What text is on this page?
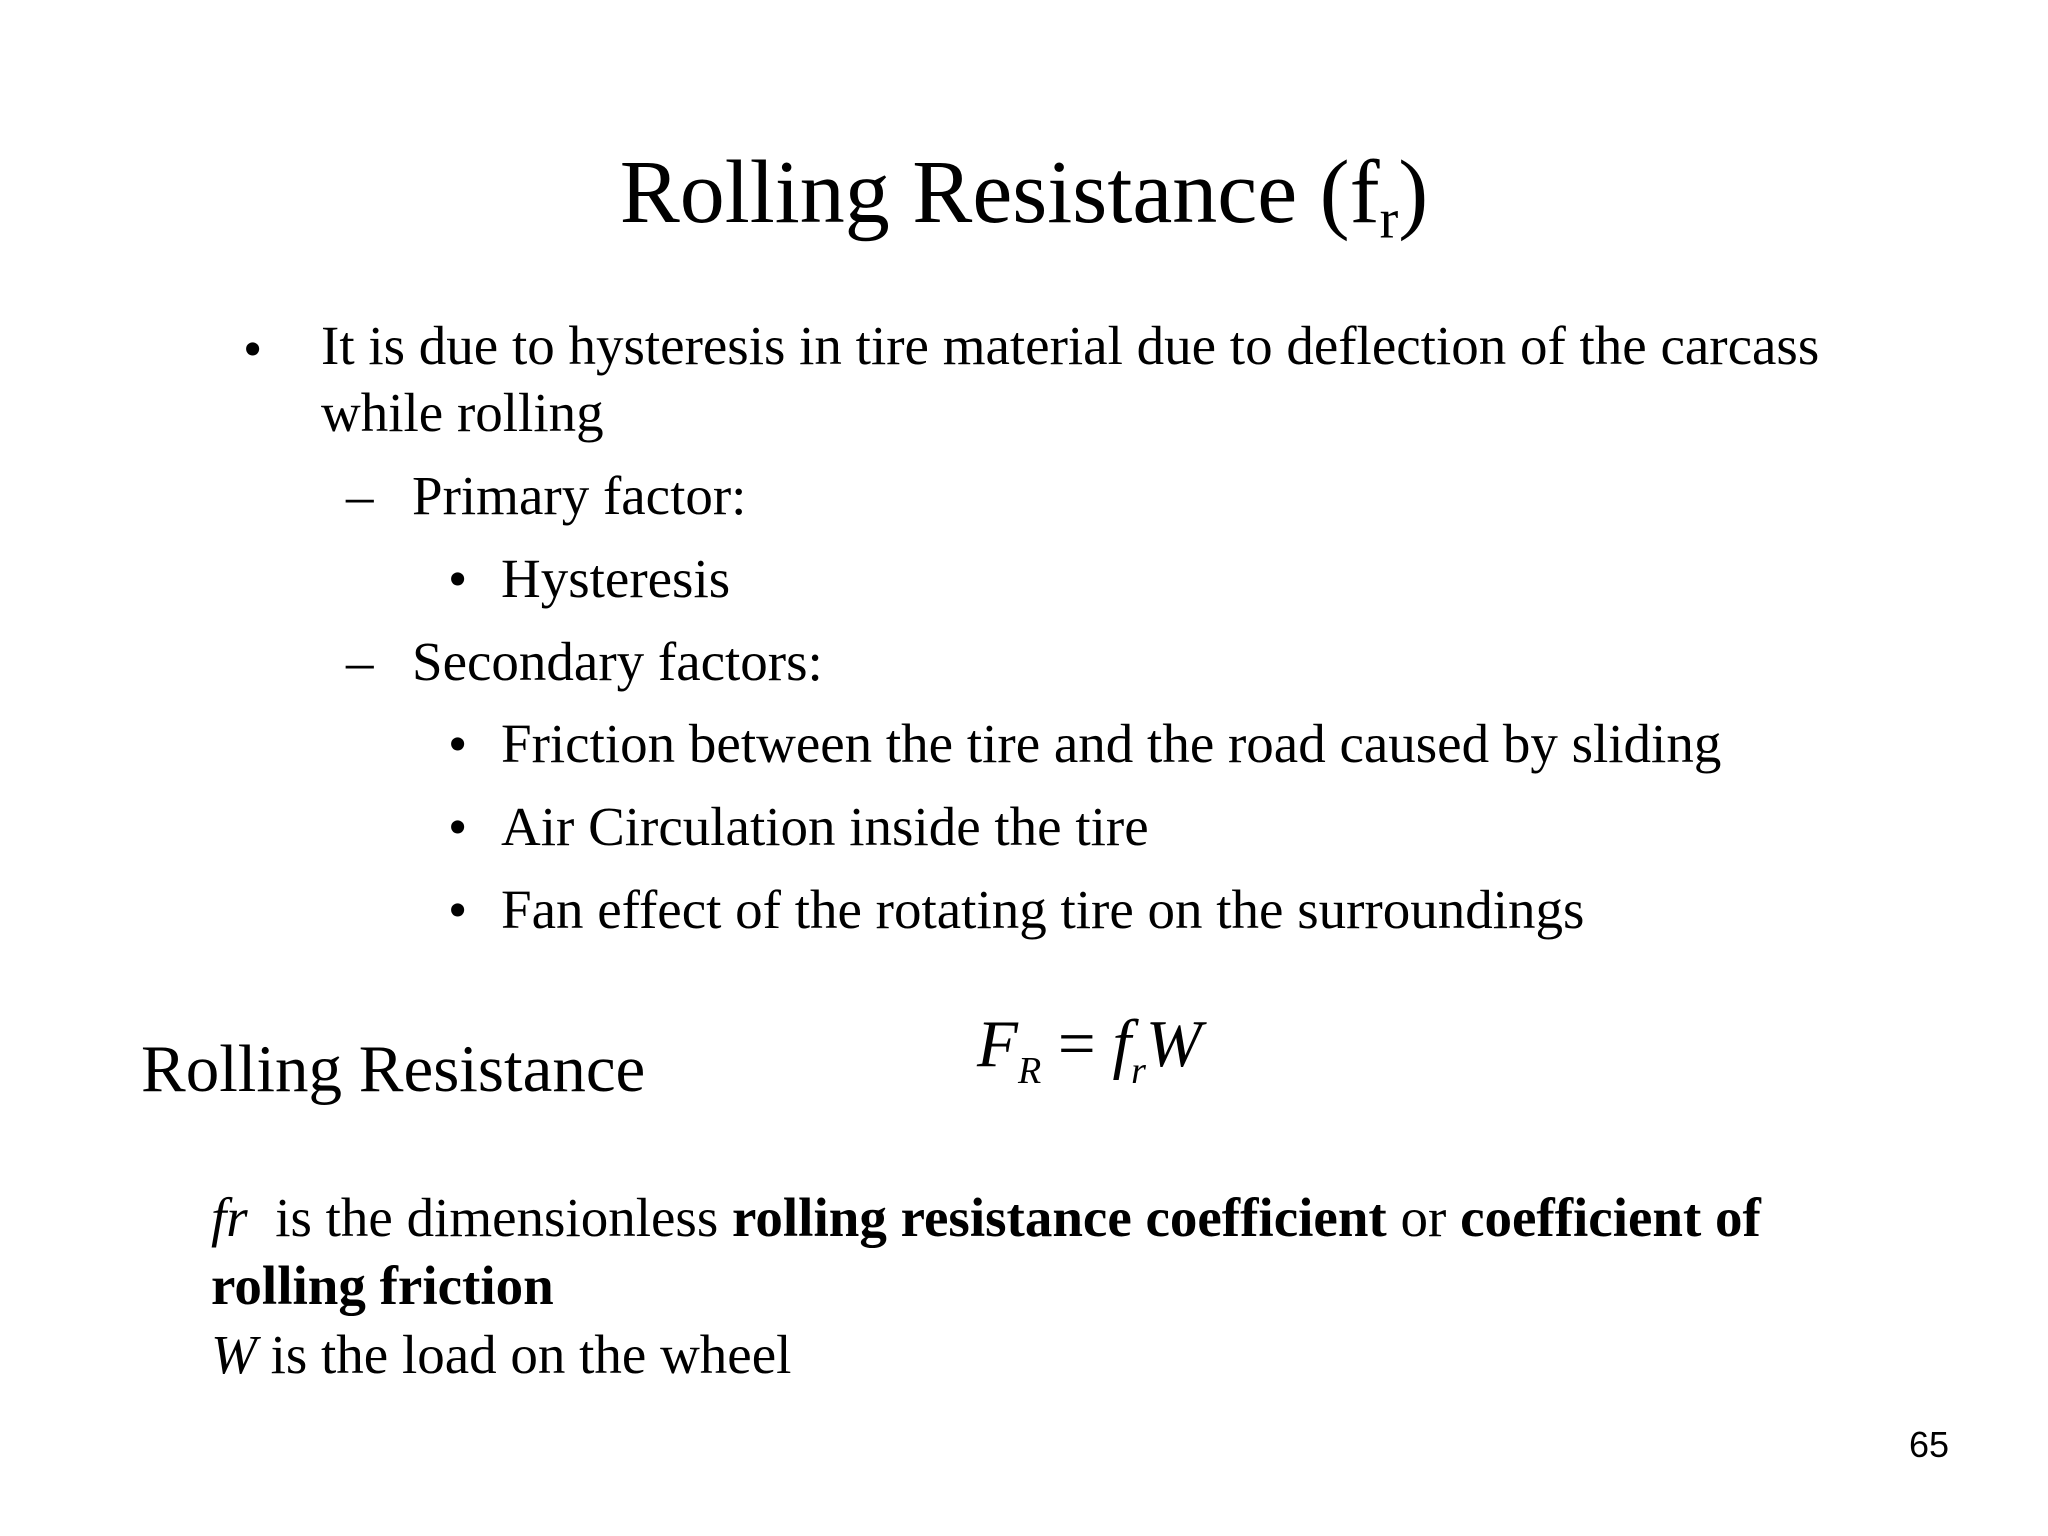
Rolling Resistance $(f_r)$
• It is due to hysteresis in tire material due to deflection of the carcass
while rolling
– Primary factor:
• Hysteresis
– Secondary factors:
• Friction between the tire and the road caused by sliding
• Air Circulation inside the tire
• Fan effect of the rotating tire on the surroundings
Rolling Resistance	$F_R = f_rW$
fr  is the dimensionless rolling resistance coefficient or coefficient of
rolling friction
W is the load on the wheel
65
